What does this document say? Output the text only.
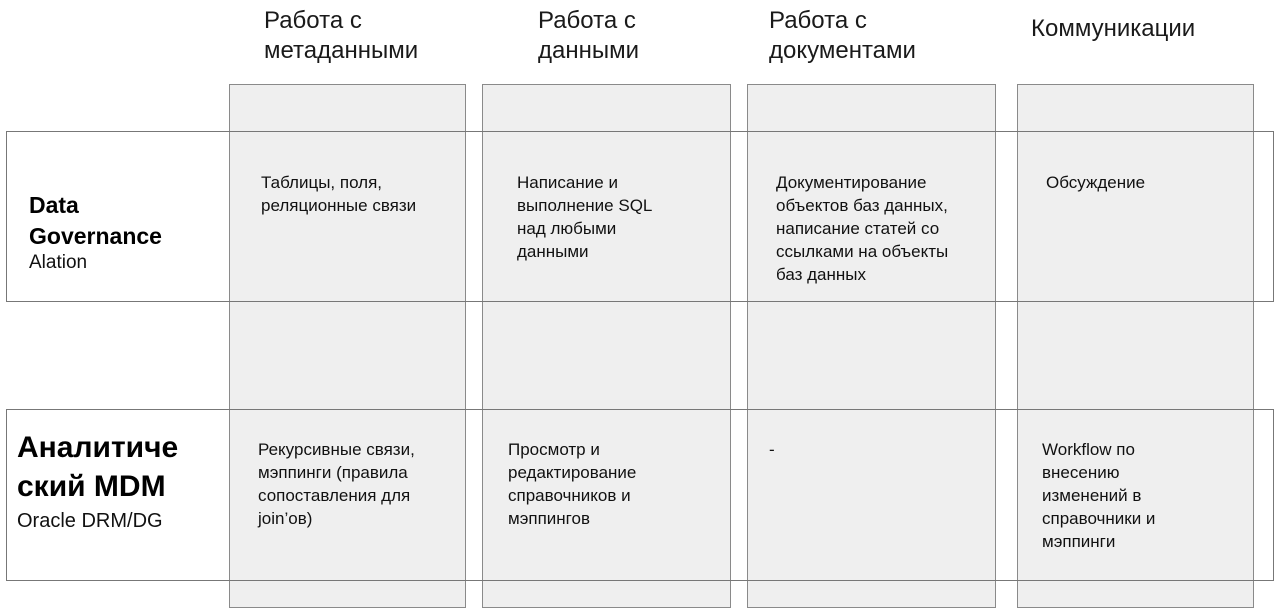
Работа с
метаданными
Работа с
данными
Работа с
документами
Коммуникации
Data
Governance
Alation
Таблицы, поля,
реляционные связи
Написание и
выполнение SQL
над любыми
данными
Документирование
объектов баз данных,
написание статей со
ссылками на объекты
баз данных
Обсуждение
Аналитиче
ский MDM
Oracle DRM/DG
Рекурсивные связи,
мэппинги (правила
сопоставления для
join’ов)
Просмотр и
редактирование
справочников и
мэппингов
-	Workflow по
внесению
изменений в
справочники и
мэппинги
